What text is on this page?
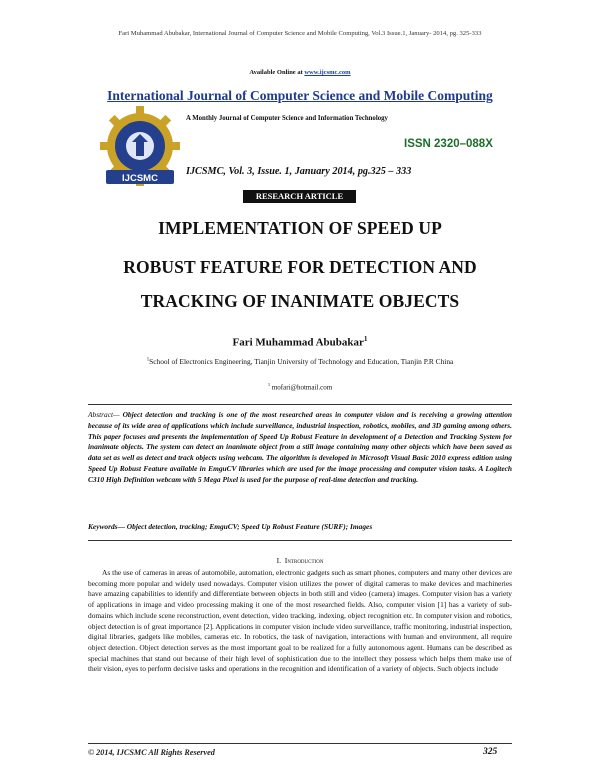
Fari Muhammad Abubakar, International Journal of Computer Science and Mobile Computing, Vol.3 Issue.1, January- 2014, pg. 325-333
Available Online at www.ijcsmc.com
International Journal of Computer Science and Mobile Computing
IJCSMC
A Monthly Journal of Computer Science and Information Technology
ISSN 2320–088X
IJCSMC, Vol. 3, Issue. 1, January 2014, pg.325 – 333
RESEARCH ARTICLE
IMPLEMENTATION OF SPEED UP
ROBUST FEATURE FOR DETECTION AND
TRACKING OF INANIMATE OBJECTS
Fari Muhammad Abubakar$^1$
$^1$School of Electronics Engineering, Tianjin University of Technology and Education, Tianjin P.R China
$^1$ mofari@hotmail.com
Abstract— Object detection and tracking is one of the most researched areas in computer vision and is receiving a growing attention because of its wide area of applications which include surveillance, industrial inspection, robotics, mobiles, and 3D gaming among others. This paper focuses and presents the implementation of Speed Up Robust Feature in development of a Detection and Tracking System for inanimate objects. The system can detect an inanimate object from a still image containing many other objects which have been saved as data set as well as detect and track objects using webcam. The algorithm is developed in Microsoft Visual Basic 2010 express edition using Speed Up Robust Feature available in EmguCV libraries which are used for the image processing and computer vision tasks. A Logitech C310 High Definition webcam with 5 Mega Pixel is used for the purpose of real-time detection and tracking.
Keywords— Object detection, tracking; EmguCV; Speed Up Robust Feature (SURF); Images
I. Introduction
As the use of cameras in areas of automobile, automation, electronic gadgets such as smart phones, computers and many other devices are becoming more popular and widely used nowadays. Computer vision utilizes the power of digital cameras to make devices and machineries have amazing capabilities to identify and differentiate between objects in both still and video (camera) images. Computer vision has a variety of applications in image and video processing making it one of the most researched fields. Also, computer vision [1] has a variety of sub-domains which include scene reconstruction, event detection, video tracking, indexing, object recognition etc. In computer vision and robotics, object detection is of great importance [2]. Applications in computer vision include video surveillance, traffic monitoring, industrial inspection, digital libraries, gadgets like mobiles, cameras etc. In robotics, the task of navigation, interactions with human and environment, all require object detection. Object detection serves as the most important goal to be realized for a fully autonomous agent. Humans can be described as special machines that stand out because of their high level of sophistication due to the intellect they possess which helps them make use of their vision, eyes to perform decisive tasks and operations in the recognition and identification of a variety of objects. Such objects include
© 2014, IJCSMC All Rights Reserved	325
